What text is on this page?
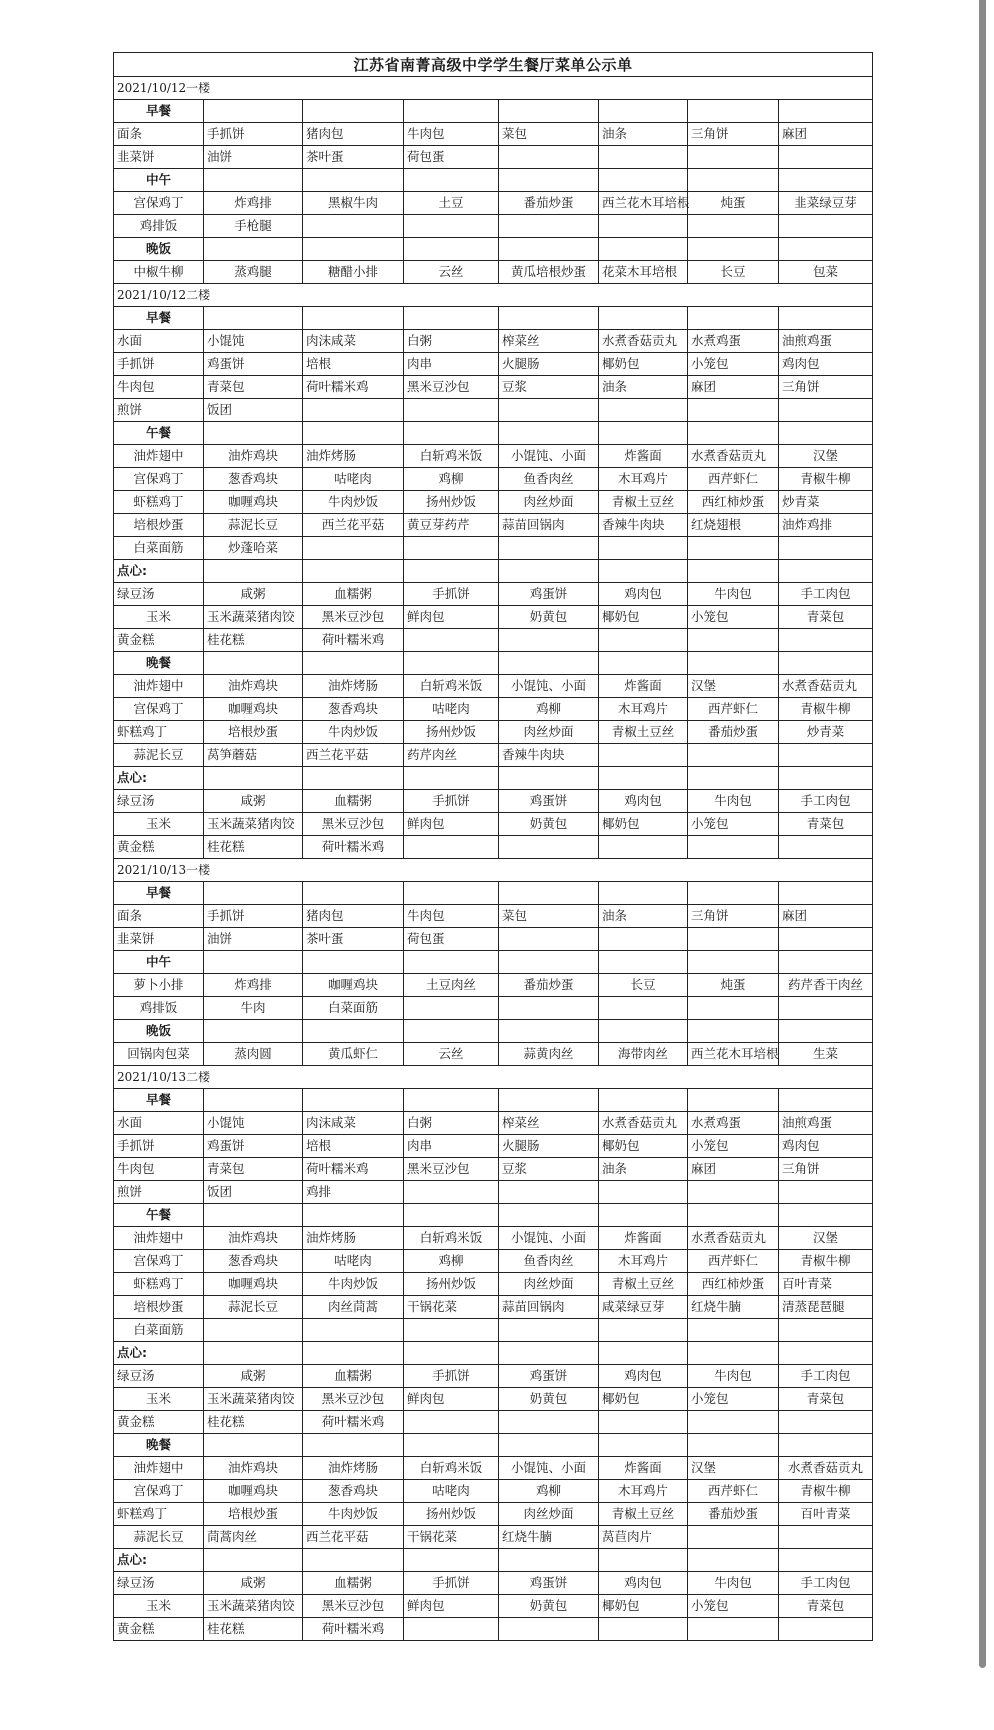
江苏省南菁高级中学学生餐厅菜单公示单							
2021/10/12一楼							
早餐							
面条	手抓饼	猪肉包	牛肉包	菜包	油条	三角饼	麻团
韭菜饼	油饼	茶叶蛋	荷包蛋				
中午							
宫保鸡丁	炸鸡排	黑椒牛肉	土豆	番茄炒蛋	西兰花木耳培根	炖蛋	韭菜绿豆芽
鸡排饭	手枪腿						
晚饭							
中椒牛柳	蒸鸡腿	糖醋小排	云丝	黄瓜培根炒蛋	花菜木耳培根	长豆	包菜
2021/10/12二楼							
早餐							
水面	小馄饨	肉沫咸菜	白粥	榨菜丝	水煮香菇贡丸	水煮鸡蛋	油煎鸡蛋
手抓饼	鸡蛋饼	培根	肉串	火腿肠	椰奶包	小笼包	鸡肉包
牛肉包	青菜包	荷叶糯米鸡	黑米豆沙包	豆浆	油条	麻团	三角饼
煎饼	饭团						
午餐							
油炸翅中	油炸鸡块	油炸烤肠	白斩鸡米饭	小馄饨、小面	炸酱面	水煮香菇贡丸	汉堡
宫保鸡丁	葱香鸡块	咕咾肉	鸡柳	鱼香肉丝	木耳鸡片	西芹虾仁	青椒牛柳
虾糕鸡丁	咖喱鸡块	牛肉炒饭	扬州炒饭	肉丝炒面	青椒土豆丝	西红柿炒蛋	炒青菜
培根炒蛋	蒜泥长豆	西兰花平菇	黄豆芽药芹	蒜苗回锅肉	香辣牛肉块	红烧翅根	油炸鸡排
白菜面筋	炒蓬哈菜						
点心:							
绿豆汤	咸粥	血糯粥	手抓饼	鸡蛋饼	鸡肉包	牛肉包	手工肉包
玉米	玉米蔬菜猪肉饺	黑米豆沙包	鲜肉包	奶黄包	椰奶包	小笼包	青菜包
黄金糕	桂花糕	荷叶糯米鸡					
晚餐							
油炸翅中	油炸鸡块	油炸烤肠	白斩鸡米饭	小馄饨、小面	炸酱面	汉堡	水煮香菇贡丸
宫保鸡丁	咖喱鸡块	葱香鸡块	咕咾肉	鸡柳	木耳鸡片	西芹虾仁	青椒牛柳
虾糕鸡丁	培根炒蛋	牛肉炒饭	扬州炒饭	肉丝炒面	青椒土豆丝	番茄炒蛋	炒青菜
蒜泥长豆	莴笋蘑菇	西兰花平菇	药芹肉丝	香辣牛肉块			
点心:							
绿豆汤	咸粥	血糯粥	手抓饼	鸡蛋饼	鸡肉包	牛肉包	手工肉包
玉米	玉米蔬菜猪肉饺	黑米豆沙包	鲜肉包	奶黄包	椰奶包	小笼包	青菜包
黄金糕	桂花糕	荷叶糯米鸡					
2021/10/13一楼							
早餐							
面条	手抓饼	猪肉包	牛肉包	菜包	油条	三角饼	麻团
韭菜饼	油饼	茶叶蛋	荷包蛋				
中午							
萝卜小排	炸鸡排	咖喱鸡块	土豆肉丝	番茄炒蛋	长豆	炖蛋	药芹香干肉丝
鸡排饭	牛肉	白菜面筋					
晚饭							
回锅肉包菜	蒸肉圆	黄瓜虾仁	云丝	蒜黄肉丝	海带肉丝	西兰花木耳培根	生菜
2021/10/13二楼							
早餐							
水面	小馄饨	肉沫咸菜	白粥	榨菜丝	水煮香菇贡丸	水煮鸡蛋	油煎鸡蛋
手抓饼	鸡蛋饼	培根	肉串	火腿肠	椰奶包	小笼包	鸡肉包
牛肉包	青菜包	荷叶糯米鸡	黑米豆沙包	豆浆	油条	麻团	三角饼
煎饼	饭团	鸡排					
午餐							
油炸翅中	油炸鸡块	油炸烤肠	白斩鸡米饭	小馄饨、小面	炸酱面	水煮香菇贡丸	汉堡
宫保鸡丁	葱香鸡块	咕咾肉	鸡柳	鱼香肉丝	木耳鸡片	西芹虾仁	青椒牛柳
虾糕鸡丁	咖喱鸡块	牛肉炒饭	扬州炒饭	肉丝炒面	青椒土豆丝	西红柿炒蛋	百叶青菜
培根炒蛋	蒜泥长豆	肉丝茼蒿	干锅花菜	蒜苗回锅肉	咸菜绿豆芽	红烧牛腩	清蒸琵琶腿
白菜面筋							
点心:							
绿豆汤	咸粥	血糯粥	手抓饼	鸡蛋饼	鸡肉包	牛肉包	手工肉包
玉米	玉米蔬菜猪肉饺	黑米豆沙包	鲜肉包	奶黄包	椰奶包	小笼包	青菜包
黄金糕	桂花糕	荷叶糯米鸡					
晚餐							
油炸翅中	油炸鸡块	油炸烤肠	白斩鸡米饭	小馄饨、小面	炸酱面	汉堡	水煮香菇贡丸
宫保鸡丁	咖喱鸡块	葱香鸡块	咕咾肉	鸡柳	木耳鸡片	西芹虾仁	青椒牛柳
虾糕鸡丁	培根炒蛋	牛肉炒饭	扬州炒饭	肉丝炒面	青椒土豆丝	番茄炒蛋	百叶青菜
蒜泥长豆	茼蒿肉丝	西兰花平菇	干锅花菜	红烧牛腩	莴苣肉片		
点心:							
绿豆汤	咸粥	血糯粥	手抓饼	鸡蛋饼	鸡肉包	牛肉包	手工肉包
玉米	玉米蔬菜猪肉饺	黑米豆沙包	鲜肉包	奶黄包	椰奶包	小笼包	青菜包
黄金糕	桂花糕	荷叶糯米鸡					
